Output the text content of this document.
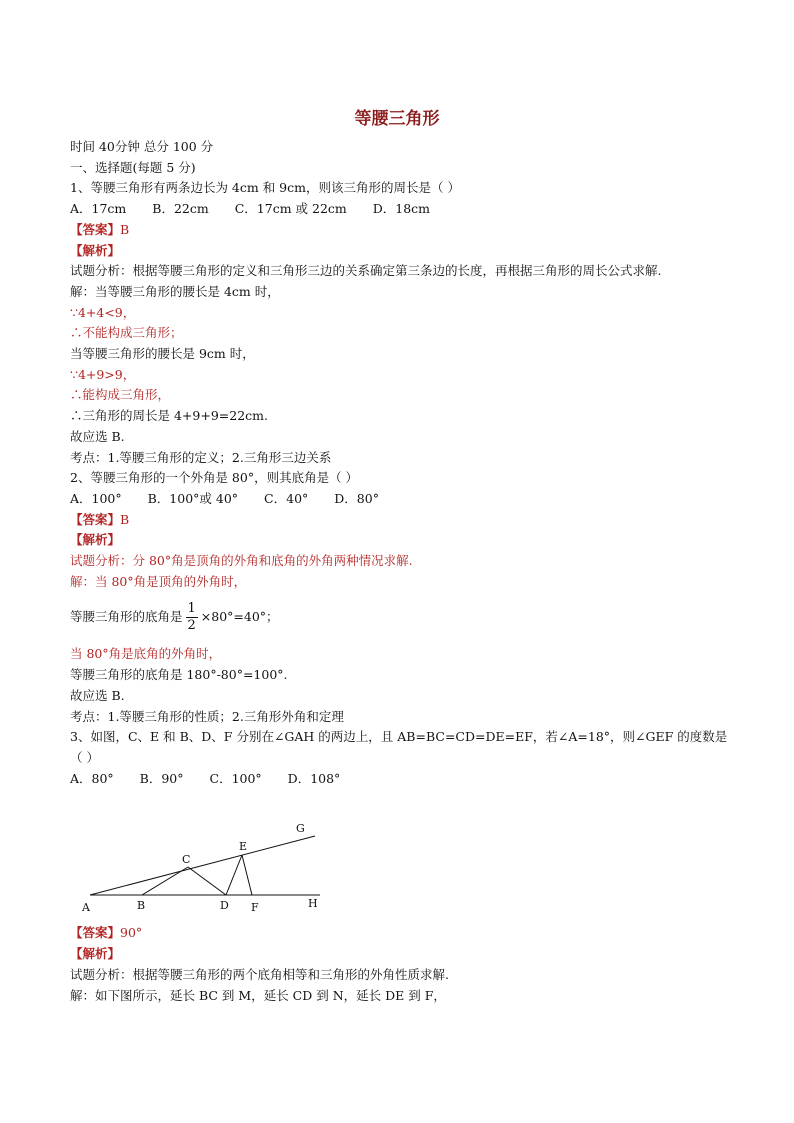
等腰三角形
时间 40分钟 总分 100 分
一、选择题(每题 5 分)
1、等腰三角形有两条边长为 4cm 和 9cm，则该三角形的周长是（ ）
A．17cm B．22cm C．17cm 或 22cm D．18cm
【答案】B
【解析】
试题分析：根据等腰三角形的定义和三角形三边的关系确定第三条边的长度，再根据三角形的周长公式求解.
解：当等腰三角形的腰长是 4cm 时，
∵4+4<9，
∴不能构成三角形；
当等腰三角形的腰长是 9cm 时，
∵4+9>9，
∴能构成三角形，
∴三角形的周长是 4+9+9=22cm.
故应选 B.
考点：1.等腰三角形的定义；2.三角形三边关系
2、等腰三角形的一个外角是 80°，则其底角是（ ）
A．100° B．100°或 40° C．40° D．80°
【答案】B
【解析】
试题分析：分 80°角是顶角的外角和底角的外角两种情况求解.
解：当 80°角是顶角的外角时，
等腰三角形的底角是 $\frac{1}{2} \times 80^\circ=40^\circ$；
当 80°角是底角的外角时，
等腰三角形的底角是 180°-80°=100°.
故应选 B.
考点：1.等腰三角形的性质；2.三角形外角和定理
3、如图，C、E 和 B、D、F 分别在∠GAH 的两边上，且 AB=BC=CD=DE=EF，若∠A=18°，则∠GEF 的度数是（ ）
A．80° B．90° C．100° D．108°
A	B
C
D
E
F
G
H
【答案】90°
【解析】
试题分析：根据等腰三角形的两个底角相等和三角形的外角性质求解.
解：如下图所示，延长 BC 到 M，延长 CD 到 N，延长 DE 到 F，
